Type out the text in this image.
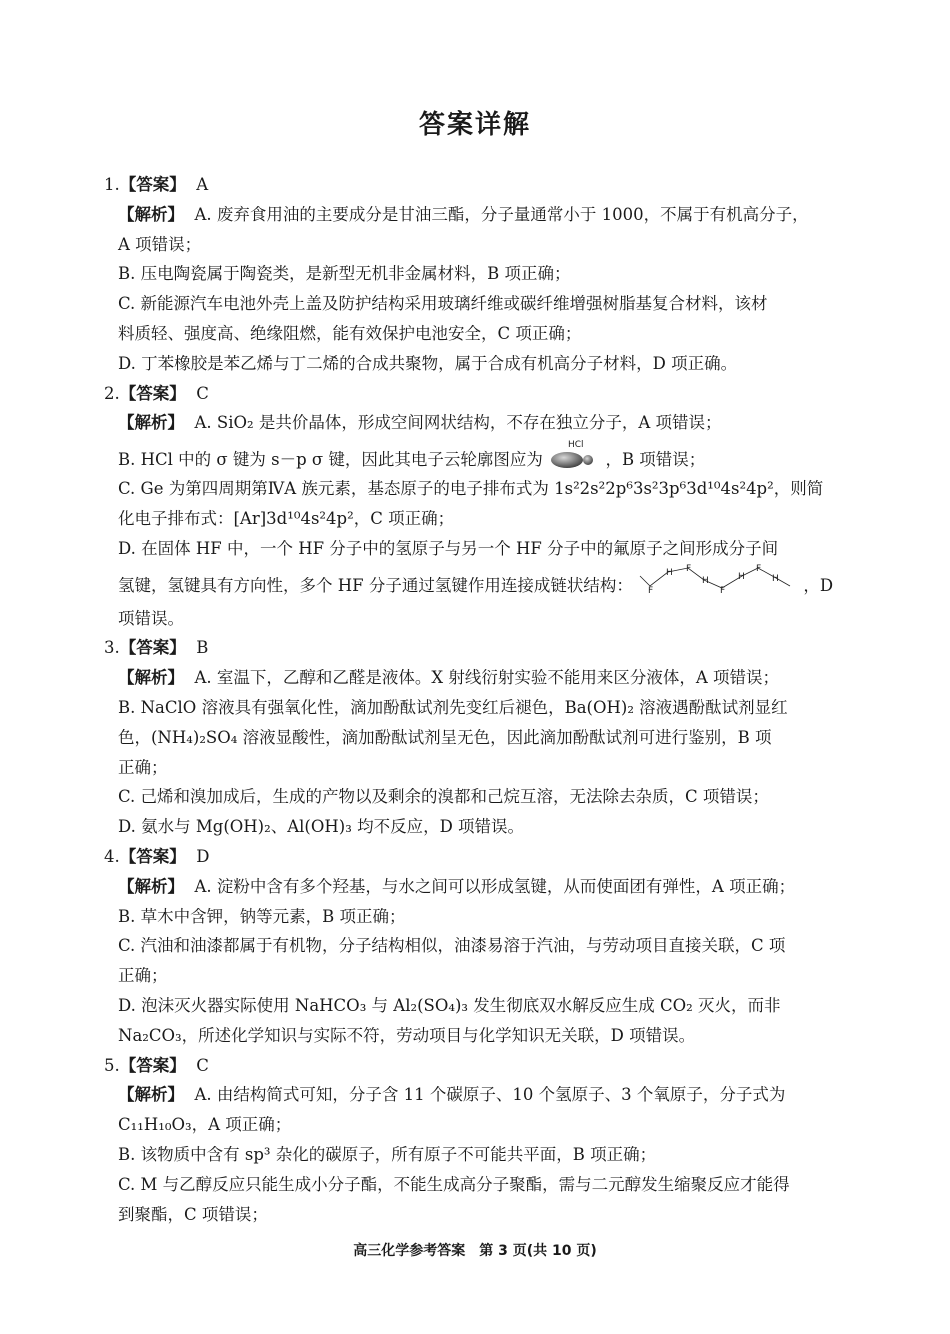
答案详解
1.【答案】 A
【解析】 A. 废弃食用油的主要成分是甘油三酯，分子量通常小于 1000，不属于有机高分子，
A 项错误；
B. 压电陶瓷属于陶瓷类，是新型无机非金属材料，B 项正确；
C. 新能源汽车电池外壳上盖及防护结构采用玻璃纤维或碳纤维增强树脂基复合材料，该材
料质轻、强度高、绝缘阻燃，能有效保护电池安全，C 项正确；
D. 丁苯橡胶是苯乙烯与丁二烯的合成共聚物，属于合成有机高分子材料，D 项正确。
2.【答案】 C
【解析】 A. SiO₂ 是共价晶体，形成空间网状结构，不存在独立分子，A 项错误；
B. HCl 中的 σ 键为 s－p σ 键，因此其电子云轮廓图应为
HCl
，B 项错误；
C. Ge 为第四周期第ⅣA 族元素，基态原子的电子排布式为 1s²2s²2p⁶3s²3p⁶3d¹⁰4s²4p²，则简
化电子排布式：[Ar]3d¹⁰4s²4p²，C 项正确；
D. 在固体 HF 中，一个 HF 分子中的氢原子与另一个 HF 分子中的氟原子之间形成分子间
氢键，氢键具有方向性，多个 HF 分子通过氢键作用连接成链状结构： F
H F
H
F
H
F
H ，D
项错误。
3.【答案】 B
【解析】 A. 室温下，乙醇和乙醛是液体。X 射线衍射实验不能用来区分液体，A 项错误；
B. NaClO 溶液具有强氧化性，滴加酚酞试剂先变红后褪色，Ba(OH)₂ 溶液遇酚酞试剂显红
色，(NH₄)₂SO₄ 溶液显酸性，滴加酚酞试剂呈无色，因此滴加酚酞试剂可进行鉴别，B 项
正确；
C. 己烯和溴加成后，生成的产物以及剩余的溴都和己烷互溶，无法除去杂质，C 项错误；
D. 氨水与 Mg(OH)₂、Al(OH)₃ 均不反应，D 项错误。
4.【答案】 D
【解析】 A. 淀粉中含有多个羟基，与水之间可以形成氢键，从而使面团有弹性，A 项正确；
B. 草木中含钾，钠等元素，B 项正确；
C. 汽油和油漆都属于有机物，分子结构相似，油漆易溶于汽油，与劳动项目直接关联，C 项
正确；
D. 泡沫灭火器实际使用 NaHCO₃ 与 Al₂(SO₄)₃ 发生彻底双水解反应生成 CO₂ 灭火，而非
Na₂CO₃，所述化学知识与实际不符，劳动项目与化学知识无关联，D 项错误。
5.【答案】 C
【解析】 A. 由结构简式可知，分子含 11 个碳原子、10 个氢原子、3 个氧原子，分子式为
C₁₁H₁₀O₃，A 项正确；
B. 该物质中含有 sp³ 杂化的碳原子，所有原子不可能共平面，B 项正确；
C. M 与乙醇反应只能生成小分子酯，不能生成高分子聚酯，需与二元醇发生缩聚反应才能得
到聚酯，C 项错误；
高三化学参考答案　第 3 页(共 10 页)
